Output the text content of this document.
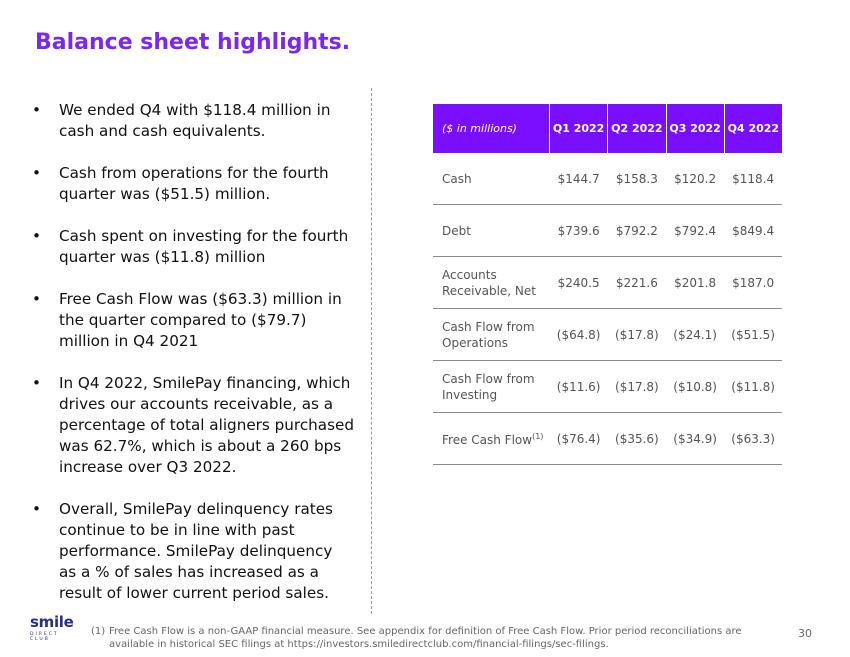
Balance sheet highlights.
• We ended Q4 with $118.4 million in cash and cash equivalents.
• Cash from operations for the fourth quarter was ($51.5) million.
• Cash spent on investing for the fourth quarter was ($11.8) million
• Free Cash Flow was ($63.3) million in the quarter compared to ($79.7) million in Q4 2021
• In Q4 2022, SmilePay financing, which drives our accounts receivable, as a percentage of total aligners purchased was 62.7%, which is about a 260 bps increase over Q3 2022.
• Overall, SmilePay delinquency rates continue to be in line with past performance. SmilePay delinquency as a % of sales has increased as a result of lower current period sales.
($ in millions)	Q1 2022	Q2 2022	Q3 2022	Q4 2022
Cash	$144.7	$158.3	$120.2	$118.4
Debt	$739.6	$792.2	$792.4	$849.4
Accounts Receivable, Net	$240.5	$221.6	$201.8	$187.0
Cash Flow from Operations	($64.8)	($17.8)	($24.1)	($51.5)
Cash Flow from Investing	($11.6)	($17.8)	($10.8)	($11.8)
Free Cash Flow$^{(1)}$	($76.4)	($35.6)	($34.9)	($63.3)
smile
DIRECT CLUB
(1) Free Cash Flow is a non-GAAP financial measure. See appendix for definition of Free Cash Flow. Prior period reconciliations are available in historical SEC filings at https://investors.smiledirectclub.com/financial-filings/sec-filings.
30
